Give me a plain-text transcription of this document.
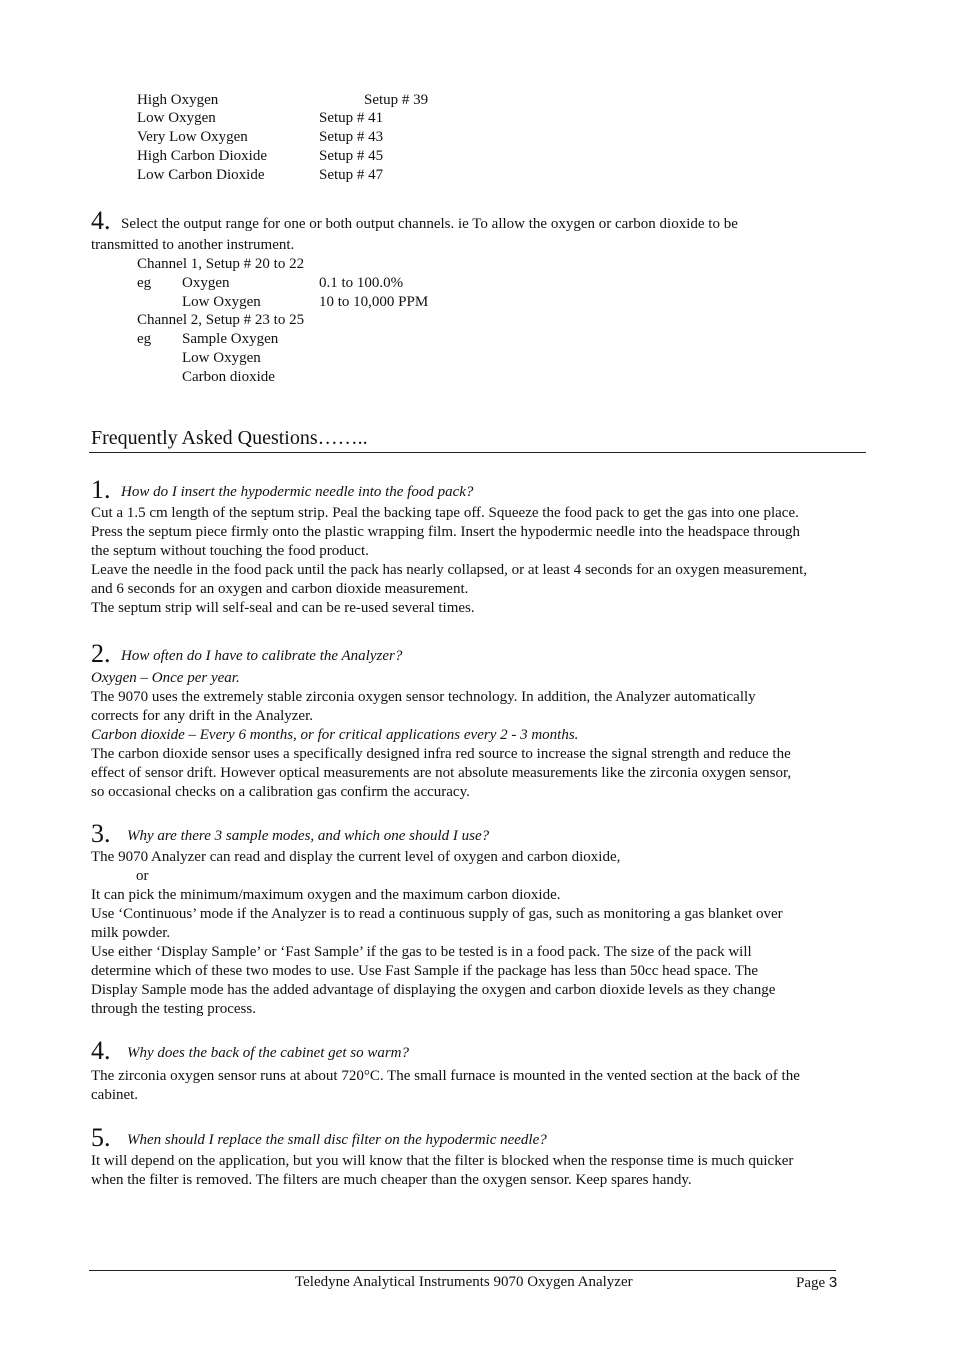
High Oxygen	Setup # 39
Low Oxygen	Setup # 41
Very Low Oxygen	Setup # 43
High Carbon Dioxide	Setup # 45
Low Carbon Dioxide	Setup # 47
4. Select the output range for one or both output channels. ie To allow the oxygen or carbon dioxide to be
transmitted to another instrument.
Channel 1, Setup # 20 to 22
eg Oxygen	0.1 to 100.0%
Low Oxygen	10 to 10,000 PPM
Channel 2, Setup # 23 to 25
eg Sample Oxygen
Low Oxygen
Carbon dioxide
Frequently Asked Questions……..
1. How do I insert the hypodermic needle into the food pack?

Cut a 1.5 cm length of the septum strip. Peal the backing tape off. Squeeze the food pack to get the gas into one place.

Press the septum piece firmly onto the plastic wrapping film. Insert the hypodermic needle into the headspace through

the septum without touching the food product.

Leave the needle in the food pack until the pack has nearly collapsed, or at least 4 seconds for an oxygen measurement,

and 6 seconds for an oxygen and carbon dioxide measurement.

The septum strip will self-seal and can be re-used several times.

2. How often do I have to calibrate the Analyzer?

Oxygen – Once per year.

The 9070 uses the extremely stable zirconia oxygen sensor technology. In addition, the Analyzer automatically

corrects for any drift in the Analyzer.

Carbon dioxide – Every 6 months, or for critical applications every 2 - 3 months.

The carbon dioxide sensor uses a specifically designed infra red source to increase the signal strength and reduce the

effect of sensor drift. However optical measurements are not absolute measurements like the zirconia oxygen sensor,

so occasional checks on a calibration gas confirm the accuracy.

3. Why are there 3 sample modes, and which one should I use?

The 9070 Analyzer can read and display the current level of oxygen and carbon dioxide,

or

It can pick the minimum/maximum oxygen and the maximum carbon dioxide.

Use ‘Continuous’ mode if the Analyzer is to read a continuous supply of gas, such as monitoring a gas blanket over

milk powder.

Use either ‘Display Sample’ or ‘Fast Sample’ if the gas to be tested is in a food pack. The size of the pack will

determine which of these two modes to use. Use Fast Sample if the package has less than 50cc head space. The

Display Sample mode has the added advantage of displaying the oxygen and carbon dioxide levels as they change

through the testing process.

4. Why does the back of the cabinet get so warm?

The zirconia oxygen sensor runs at about 720°C. The small furnace is mounted in the vented section at the back of the

cabinet.

5. When should I replace the small disc filter on the hypodermic needle?

It will depend on the application, but you will know that the filter is blocked when the response time is much quicker

when the filter is removed. The filters are much cheaper than the oxygen sensor. Keep spares handy.

Teledyne Analytical Instruments 9070 Oxygen Analyzer	Page 3
